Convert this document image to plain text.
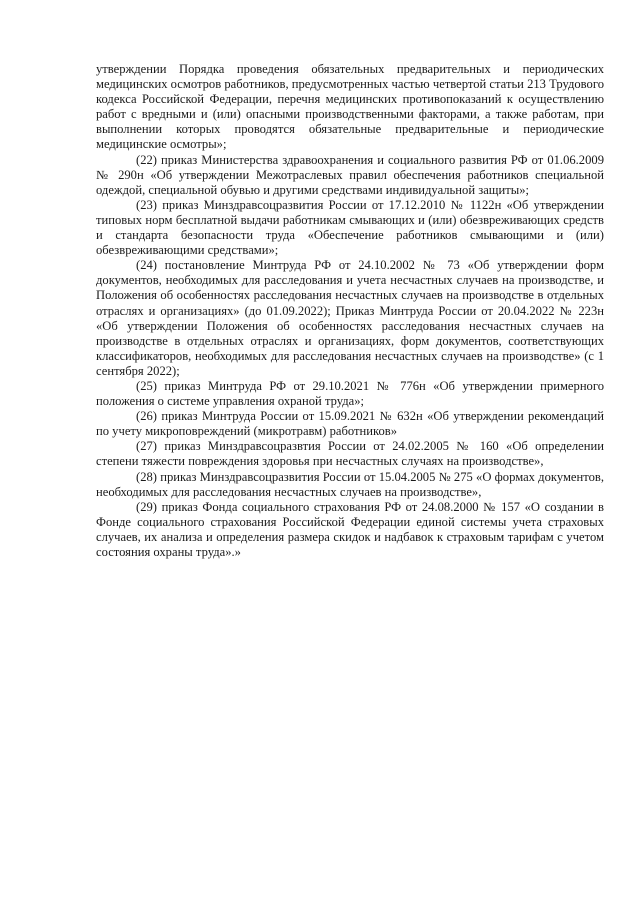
утверждении Порядка проведения обязательных предварительных и периодических медицинских осмотров работников, предусмотренных частью четвертой статьи 213 Трудового кодекса Российской Федерации, перечня медицинских противопоказаний к осуществлению работ с вредными и (или) опасными производственными факторами, а также работам, при выполнении которых проводятся обязательные предварительные и периодические медицинские осмотры»;

(22) приказ Министерства здравоохранения и социального развития РФ от 01.06.2009 № 290н «Об утверждении Межотраслевых правил обеспечения работников специальной одеждой, специальной обувью и другими средствами индивидуальной защиты»;

(23) приказ Минздравсоцразвития России от 17.12.2010 № 1122н «Об утверждении типовых норм бесплатной выдачи работникам смывающих и (или) обезвреживающих средств и стандарта безопасности труда «Обеспечение работников смывающими и (или) обезвреживающими средствами»;

(24) постановление Минтруда РФ от 24.10.2002 № 73 «Об утверждении форм документов, необходимых для расследования и учета несчастных случаев на производстве, и Положения об особенностях расследования несчастных случаев на производстве в отдельных отраслях и организациях» (до 01.09.2022); Приказ Минтруда России от 20.04.2022 № 223н «Об утверждении Положения об особенностях расследования несчастных случаев на производстве в отдельных отраслях и организациях, форм документов, соответствующих классификаторов, необходимых для расследования несчастных случаев на производстве» (с 1 сентября 2022);

(25) приказ Минтруда РФ от 29.10.2021 № 776н «Об утверждении примерного положения о системе управления охраной труда»;

(26) приказ Минтруда России от 15.09.2021 № 632н «Об утверждении рекомендаций по учету микроповреждений (микротравм) работников»

(27) приказ Минздравсоцразвтия России от 24.02.2005 № 160 «Об определении степени тяжести повреждения здоровья при несчастных случаях на производстве»,

(28) приказ Минздравсоцразвития России от 15.04.2005 № 275 «О формах документов, необходимых для расследования несчастных случаев на производстве»,

(29) приказ Фонда социального страхования РФ от 24.08.2000 № 157 «О создании в Фонде социального страхования Российской Федерации единой системы учета страховых случаев, их анализа и определения размера скидок и надбавок к страховым тарифам с учетом состояния охраны труда».»
